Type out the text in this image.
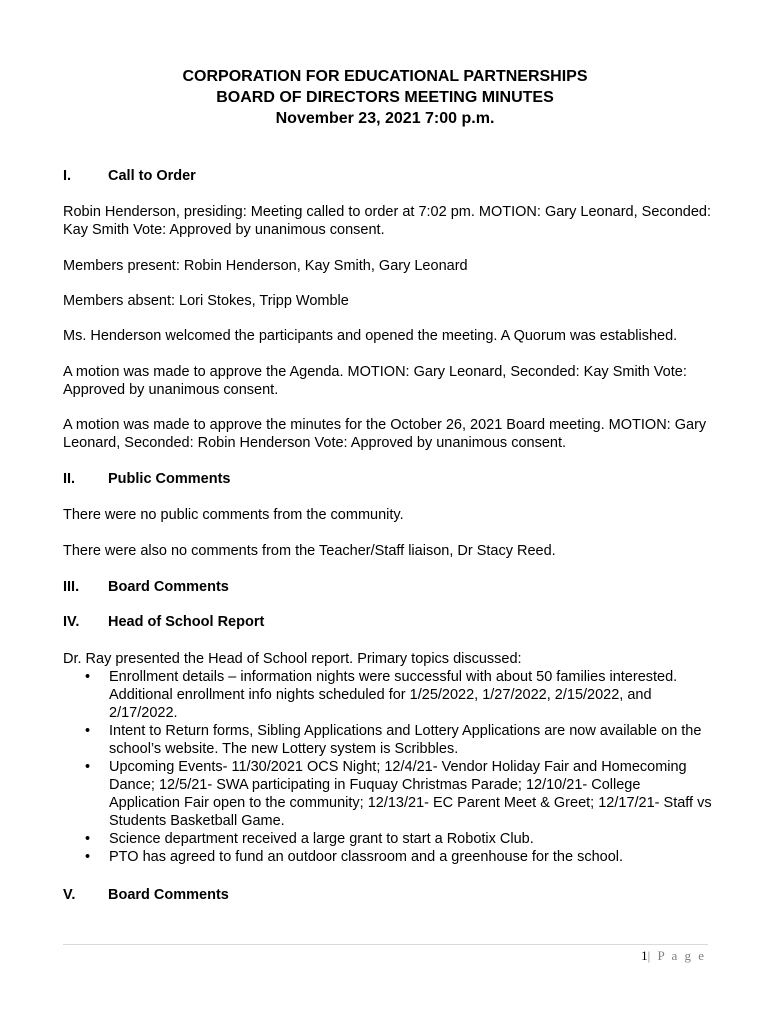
CORPORATION FOR EDUCATIONAL PARTNERSHIPS
BOARD OF DIRECTORS MEETING MINUTES
November 23, 2021 7:00 p.m.
I.	Call to Order
Robin Henderson, presiding: Meeting called to order at 7:02 pm. MOTION: Gary Leonard, Seconded: Kay Smith Vote: Approved by unanimous consent.
Members present: Robin Henderson, Kay Smith, Gary Leonard
Members absent: Lori Stokes, Tripp Womble
Ms. Henderson welcomed the participants and opened the meeting. A Quorum was established.
A motion was made to approve the Agenda. MOTION: Gary Leonard, Seconded: Kay Smith Vote: Approved by unanimous consent.
A motion was made to approve the minutes for the October 26, 2021 Board meeting. MOTION: Gary Leonard, Seconded: Robin Henderson Vote: Approved by unanimous consent.
II. Public Comments
There were no public comments from the community.
There were also no comments from the Teacher/Staff liaison, Dr Stacy Reed.
III. Board Comments
IV. Head of School Report
Dr. Ray presented the Head of School report. Primary topics discussed:
• Enrollment details – information nights were successful with about 50 families interested. Additional enrollment info nights scheduled for 1/25/2022, 1/27/2022, 2/15/2022, and 2/17/2022.
• Intent to Return forms, Sibling Applications and Lottery Applications are now available on the school’s website. The new Lottery system is Scribbles.
• Upcoming Events- 11/30/2021 OCS Night; 12/4/21- Vendor Holiday Fair and Homecoming Dance; 12/5/21- SWA participating in Fuquay Christmas Parade; 12/10/21- College Application Fair open to the community; 12/13/21- EC Parent Meet & Greet; 12/17/21- Staff vs Students Basketball Game.
• Science department received a large grant to start a Robotix Club.
• PTO has agreed to fund an outdoor classroom and a greenhouse for the school.
V. Board Comments
1| P a g e
